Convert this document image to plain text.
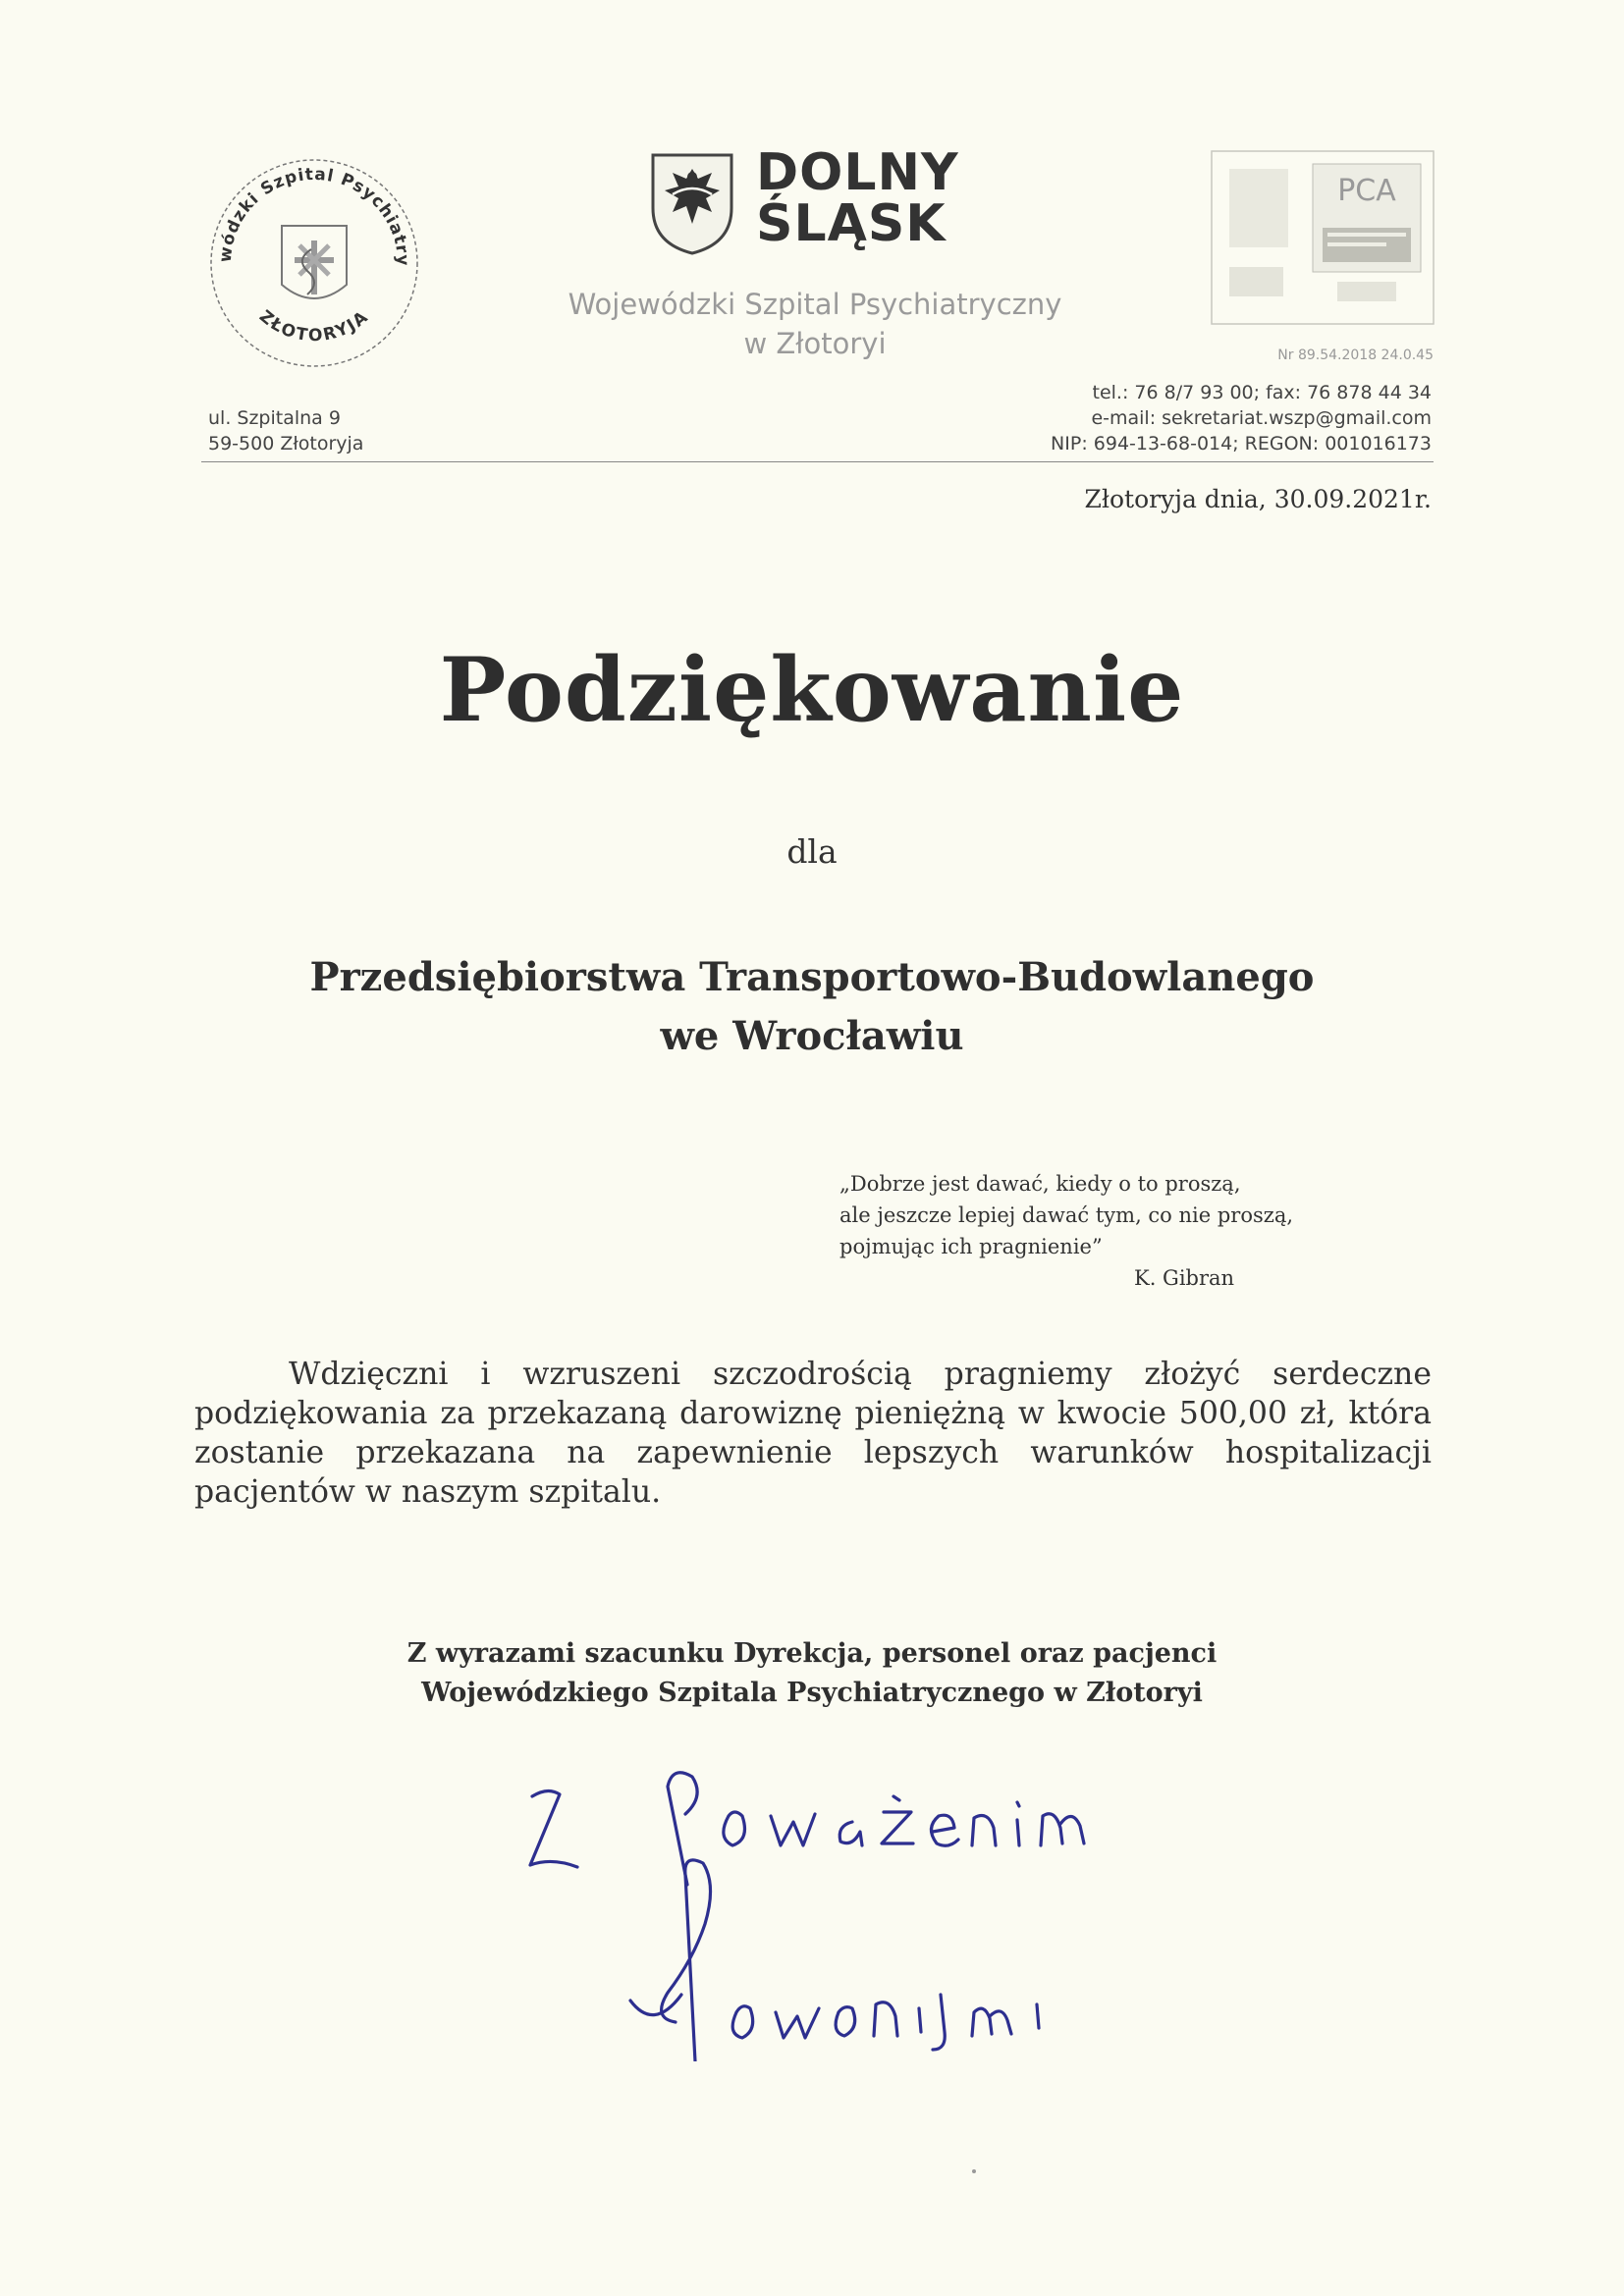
wódzki Szpital Psychiatry
ZŁOTORYJA
ul. Szpitalna 9
59-500 Złotoryja
DOLNY
ŚLĄSK
Wojewódzki Szpital Psychiatryczny
w Złotoryi
PCA
Nr 89.54.2018 24.0.45
tel.: 76 8/7 93 00; fax: 76 878 44 34
e-mail: sekretariat.wszp@gmail.com
NIP: 694-13-68-014; REGON: 001016173
Złotoryja dnia, 30.09.2021r.
Podziękowanie
dla
Przedsiębiorstwa Transportowo-Budowlanego
we Wrocławiu
„Dobrze jest dawać, kiedy o to proszą,
ale jeszcze lepiej dawać tym, co nie proszą,
pojmując ich pragnienie”
K. Gibran

Wdzięczni i wzruszeni szczodrością pragniemy złożyć serdeczne podziękowania za przekazaną darowiznę pieniężną w kwocie 500,00 zł, która zostanie przekazana na zapewnienie lepszych warunków hospitalizacji pacjentów w naszym szpitalu.

Z wyrazami szacunku Dyrekcja, personel oraz pacjenci
Wojewódzkiego Szpitala Psychiatrycznego w Złotoryi
